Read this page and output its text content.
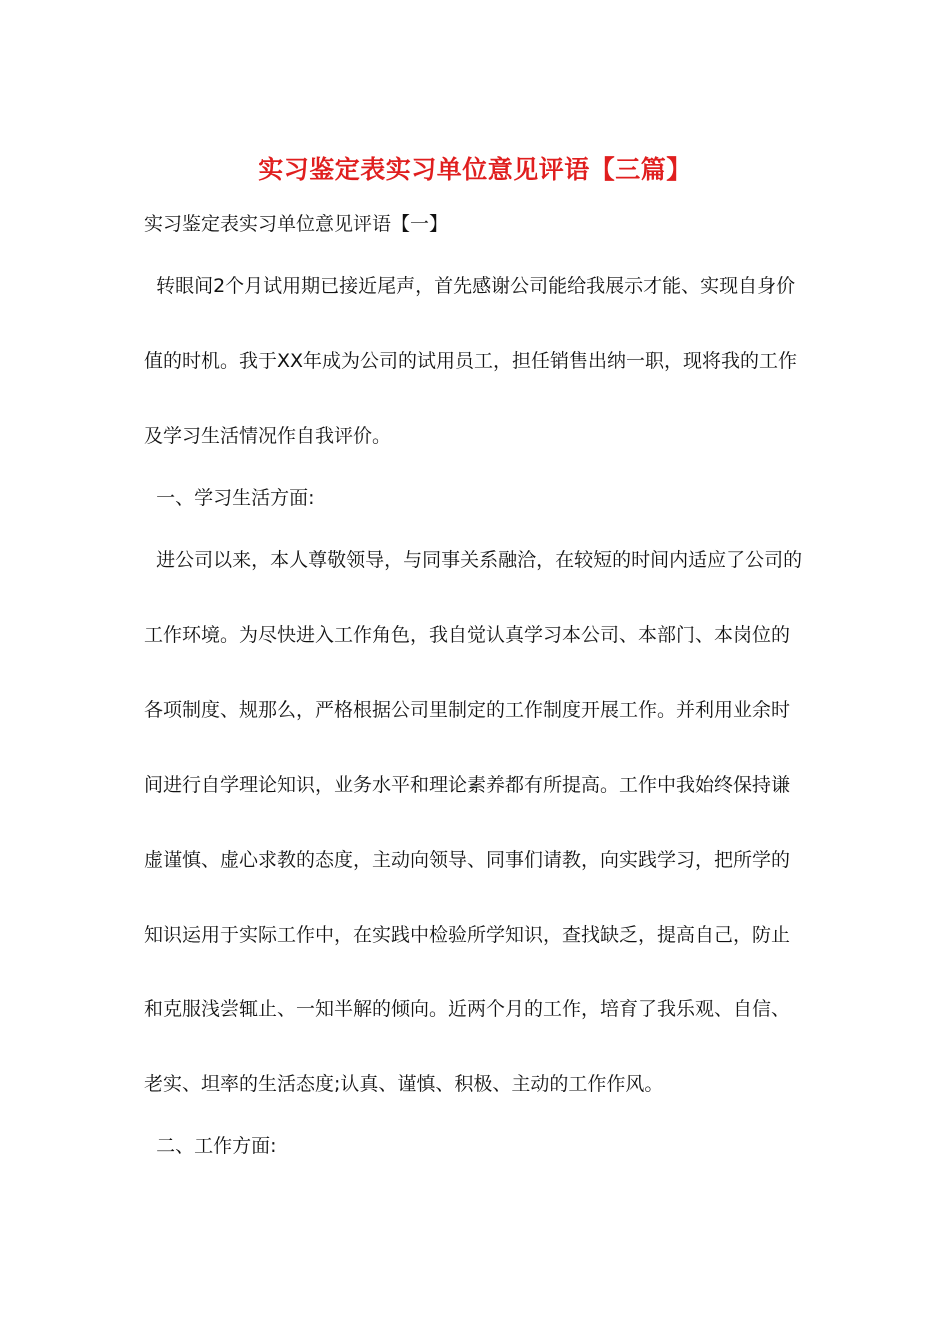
实习鉴定表实习单位意见评语【三篇】

实习鉴定表实习单位意见评语【一】

转眼间2个月试用期已接近尾声，首先感谢公司能给我展示才能、实现自身价

值的时机。我于XX年成为公司的试用员工，担任销售出纳一职，现将我的工作

及学习生活情况作自我评价。

一、学习生活方面:

进公司以来，本人尊敬领导，与同事关系融洽，在较短的时间内适应了公司的

工作环境。为尽快进入工作角色，我自觉认真学习本公司、本部门、本岗位的

各项制度、规那么，严格根据公司里制定的工作制度开展工作。并利用业余时

间进行自学理论知识，业务水平和理论素养都有所提高。工作中我始终保持谦

虚谨慎、虚心求教的态度，主动向领导、同事们请教，向实践学习，把所学的

知识运用于实际工作中，在实践中检验所学知识，查找缺乏，提高自己，防止

和克服浅尝辄止、一知半解的倾向。近两个月的工作，培育了我乐观、自信、

老实、坦率的生活态度;认真、谨慎、积极、主动的工作作风。

二、工作方面:
